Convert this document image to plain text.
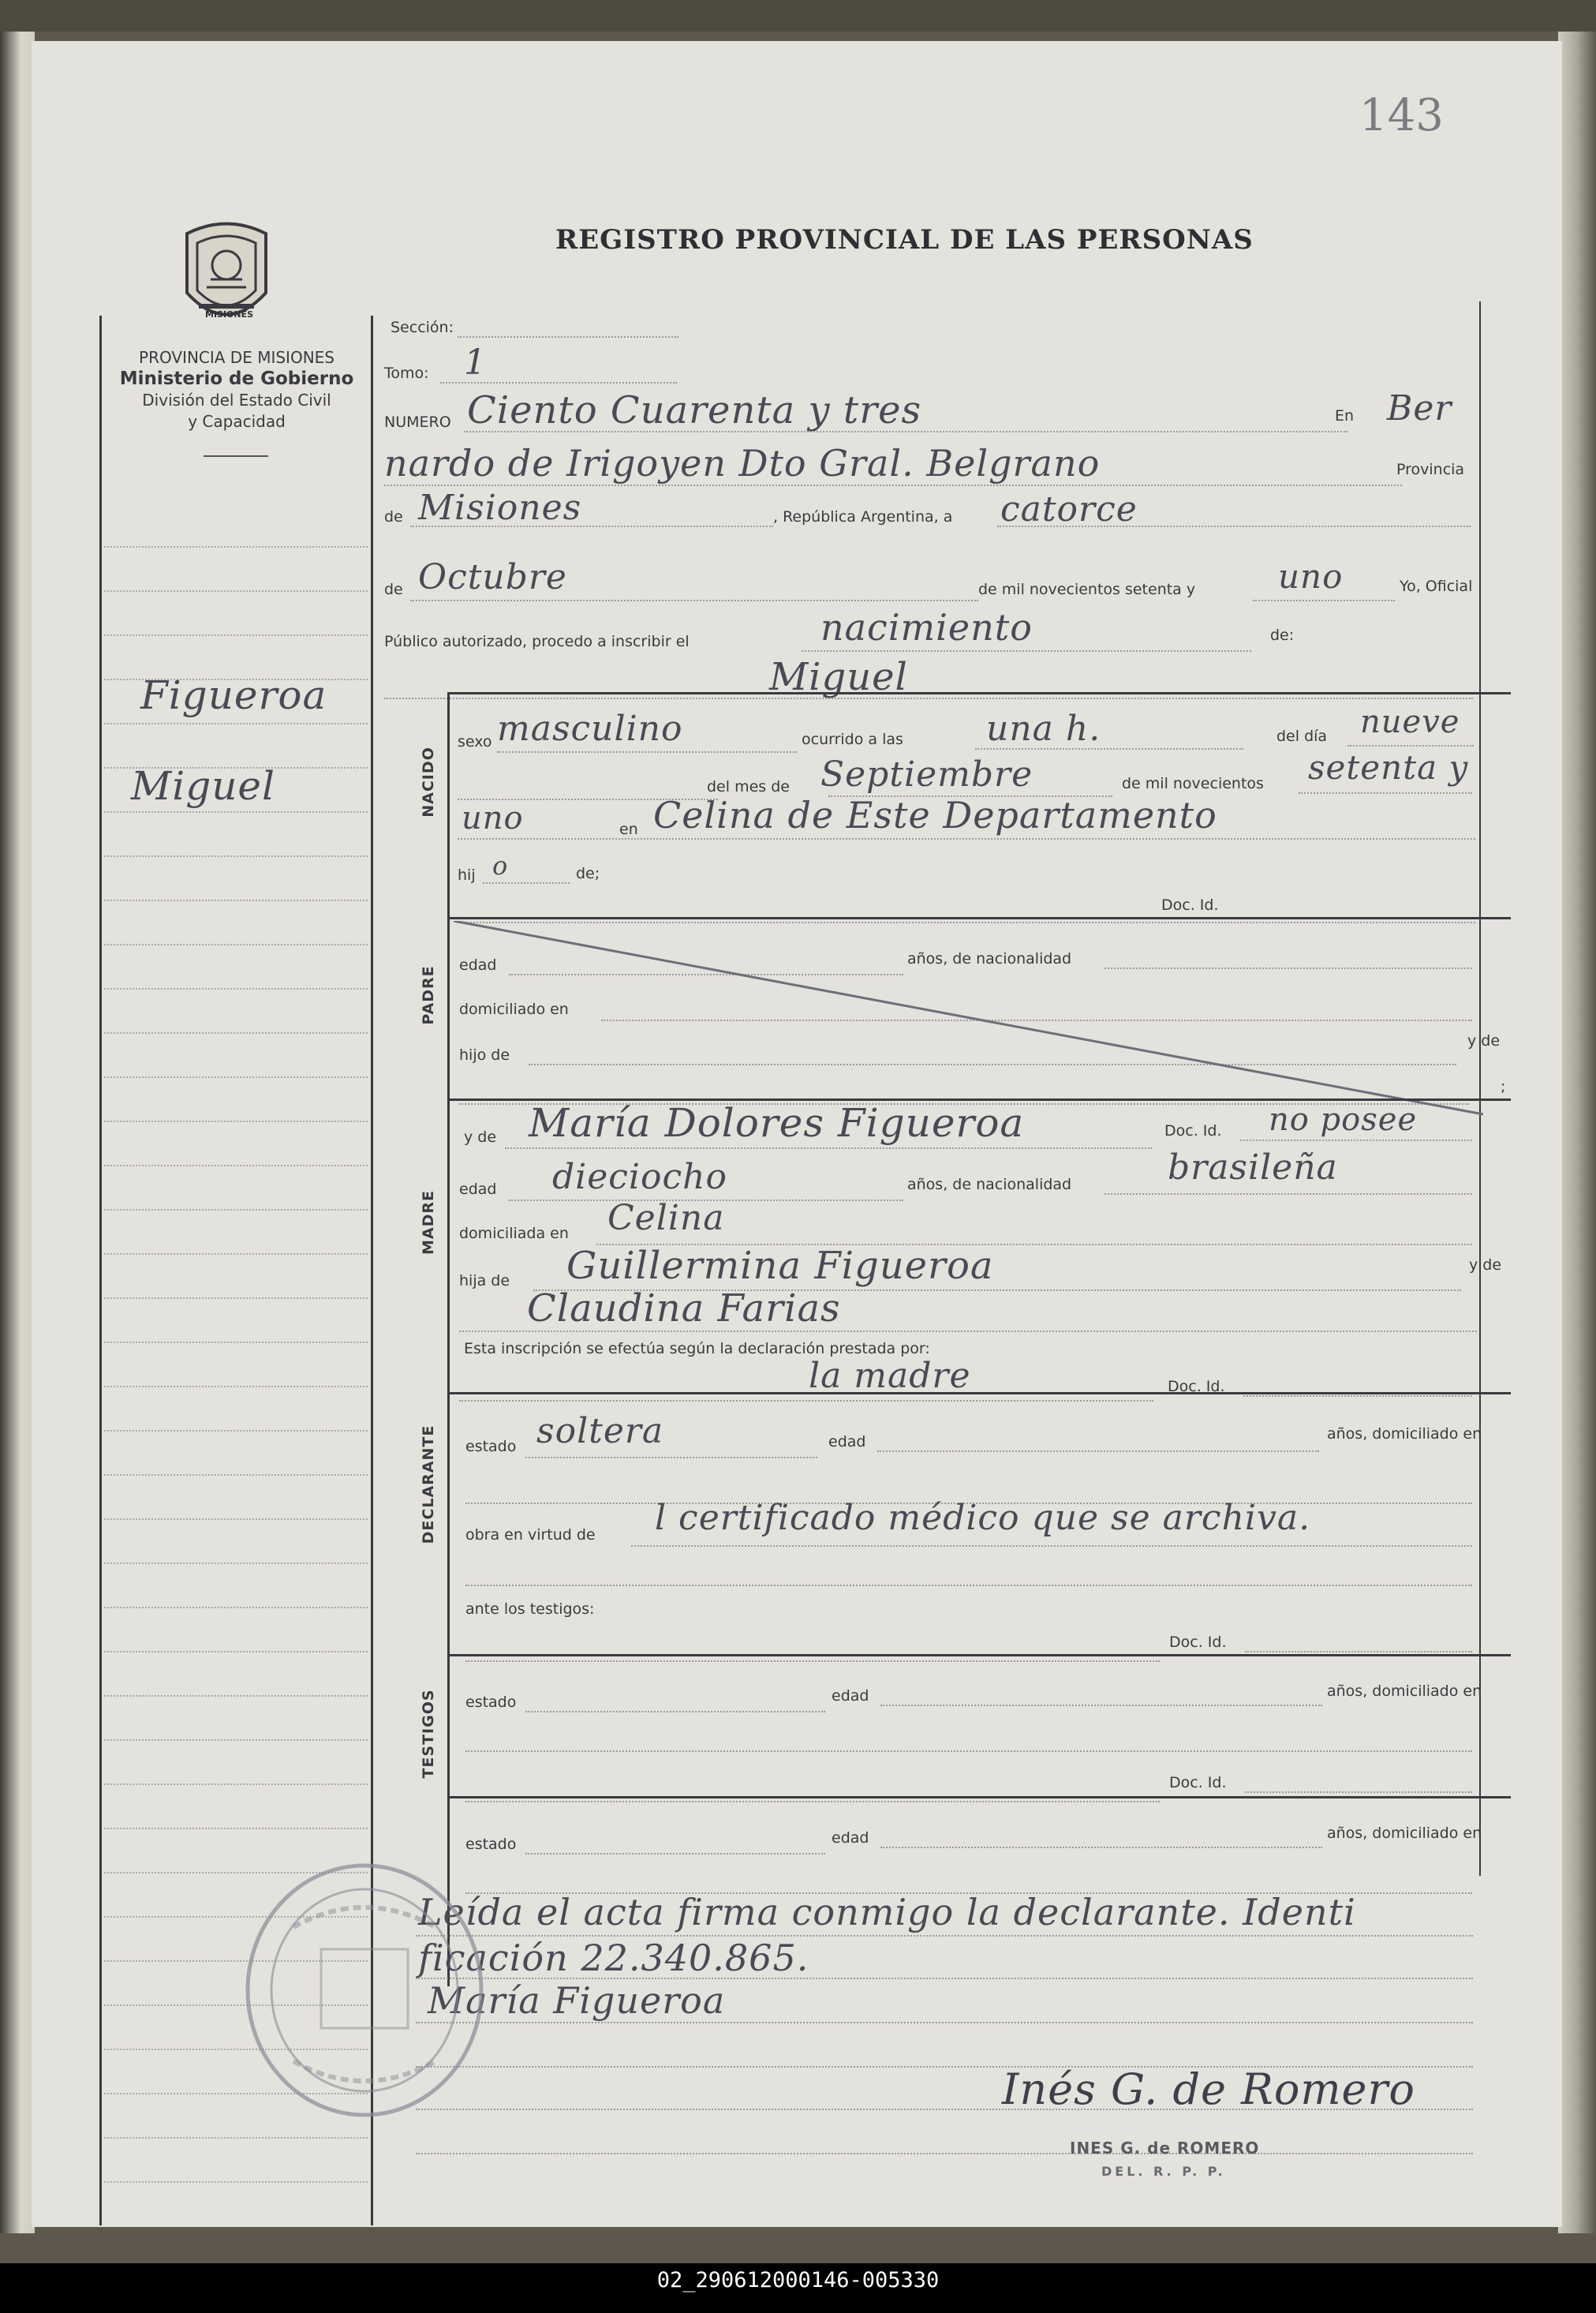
143
REGISTRO PROVINCIAL DE LAS PERSONAS
MISIONES
PROVINCIA DE MISIONES
Ministerio de Gobierno
División del Estado Civil
y Capacidad
Figueroa
Miguel
Sección:
Tomo: 1
NUMERO Ciento Cuarenta y tres	En Ber
nardo de Irigoyen Dto Gral. Belgrano	Provincia
de Misiones	, República Argentina, a catorce
de Octubre	de mil novecientos setenta y uno	Yo, Oficial
Público autorizado, procedo a inscribir el	nacimiento	de:
Miguel
NACIDO
sexo masculino	ocurrido a las una h.	del día nueve
del mes de Septiembre	de mil novecientos setenta y
uno	en Celina de Este Departamento
hij o	de;
Doc. Id.
PADRE
edad	años, de nacionalidad
domiciliado en
hijo de
y de
;
y de María Dolores Figueroa	Doc. Id. no posee
MADRE
edad dieciocho	años, de nacionalidad	brasileña
domiciliada en Celina
hija de Guillermina Figueroa	y de
Claudina Farias
Esta inscripción se efectúa según la declaración prestada por:
la madre	Doc. Id.
DECLARANTE estado soltera	edad	años, domiciliado en
obra en virtud de l certificado médico que se archiva.
ante los testigos:
Doc. Id.
TESTIGOS estado	edad	años, domiciliado en
Doc. Id.
estado	edad	años, domiciliado en
Leída el acta firma conmigo la declarante. Identi
ficación 22.340.865.
María Figueroa
Inés G. de Romero
INES G. de ROMERO
DEL. R. P. P.
02_290612000146-005330
